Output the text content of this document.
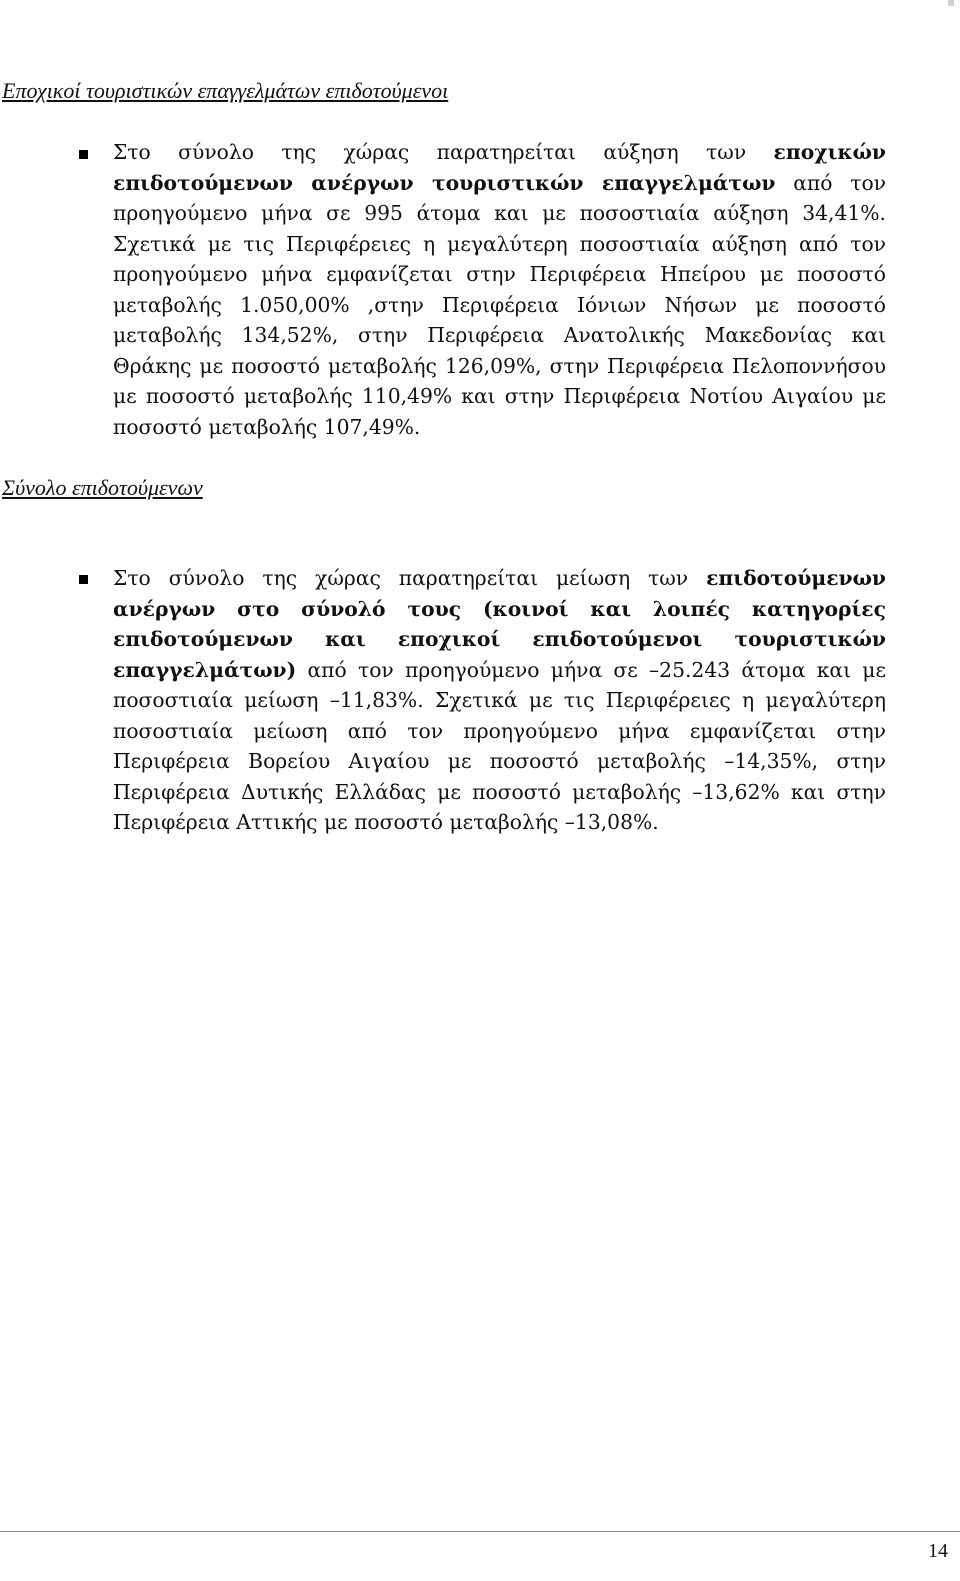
Εποχικοί τουριστικών επαγγελμάτων επιδοτούμενοι

Στο σύνολο της χώρας παρατηρείται αύξηση των εποχικών επιδοτούμενων ανέργων τουριστικών επαγγελμάτων από τον προηγούμενο μήνα σε 995 άτομα και με ποσοστιαία αύξηση 34,41%. Σχετικά με τις Περιφέρειες η μεγαλύτερη ποσοστιαία αύξηση από τον προηγούμενο μήνα εμφανίζεται στην Περιφέρεια Ηπείρου με ποσοστό μεταβολής 1.050,00% ,στην Περιφέρεια Ιόνιων Νήσων με ποσοστό μεταβολής 134,52%, στην Περιφέρεια Ανατολικής Μακεδονίας και Θράκης με ποσοστό μεταβολής 126,09%, στην Περιφέρεια Πελοποννήσου με ποσοστό μεταβολής 110,49% και στην Περιφέρεια Νοτίου Αιγαίου με ποσοστό μεταβολής 107,49%.

Σύνολο επιδοτούμενων

Στο σύνολο της χώρας παρατηρείται μείωση των επιδοτούμενων ανέργων στο σύνολό τους (κοινοί και λοιπές κατηγορίες επιδοτούμενων και εποχικοί επιδοτούμενοι τουριστικών επαγγελμάτων) από τον προηγούμενο μήνα σε –25.243 άτομα και με ποσοστιαία μείωση –11,83%. Σχετικά με τις Περιφέρειες η μεγαλύτερη ποσοστιαία μείωση από τον προηγούμενο μήνα εμφανίζεται στην Περιφέρεια Βορείου Αιγαίου με ποσοστό μεταβολής –14,35%, στην Περιφέρεια Δυτικής Ελλάδας με ποσοστό μεταβολής –13,62% και στην Περιφέρεια Αττικής με ποσοστό μεταβολής –13,08%.

14
